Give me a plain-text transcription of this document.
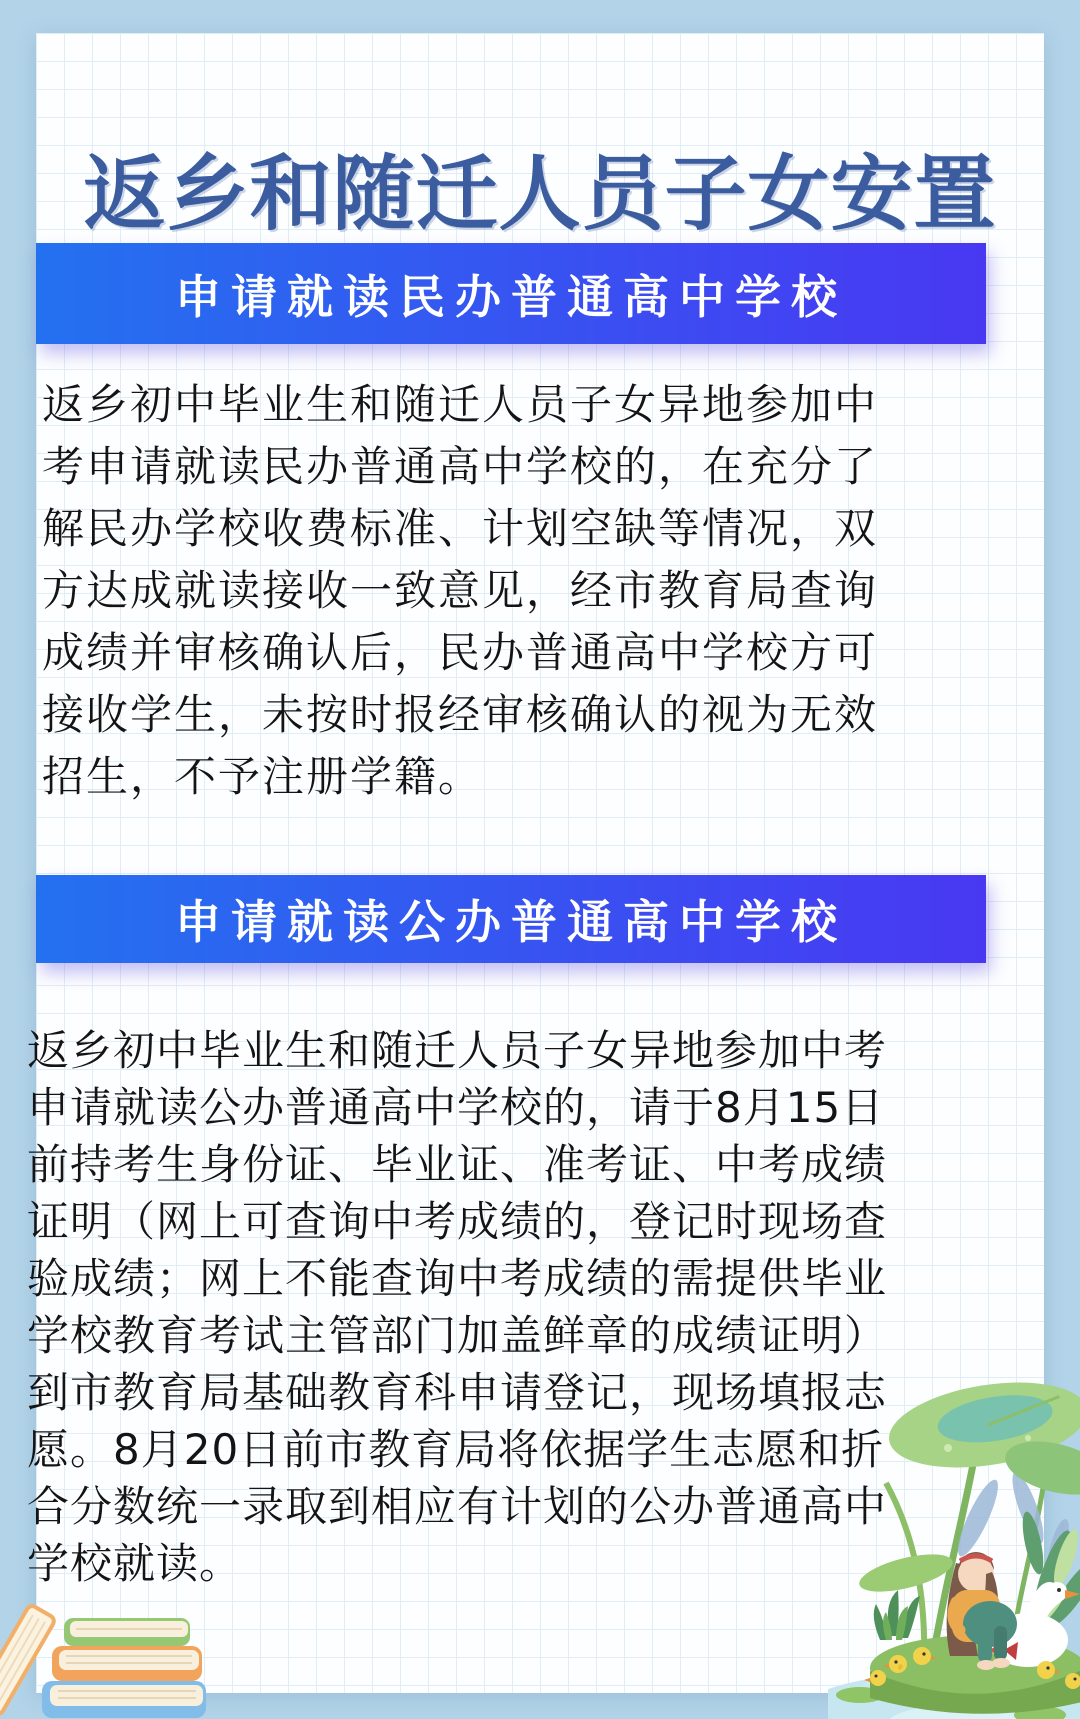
返乡和随迁人员子女安置
申请就读民办普通高中学校

返乡初中毕业生和随迁人员子女异地参加中

考申请就读民办普通高中学校的，在充分了

解民办学校收费标准、计划空缺等情况，双

方达成就读接收一致意见，经市教育局查询

成绩并审核确认后，民办普通高中学校方可

接收学生，未按时报经审核确认的视为无效

招生，不予注册学籍。

申请就读公办普通高中学校

返乡初中毕业生和随迁人员子女异地参加中考

申请就读公办普通高中学校的，请于8月15日

前持考生身份证、毕业证、准考证、中考成绩

证明（网上可查询中考成绩的，登记时现场查

验成绩；网上不能查询中考成绩的需提供毕业

学校教育考试主管部门加盖鲜章的成绩证明）

到市教育局基础教育科申请登记，现场填报志

愿。8月20日前市教育局将依据学生志愿和折

合分数统一录取到相应有计划的公办普通高中

学校就读。
